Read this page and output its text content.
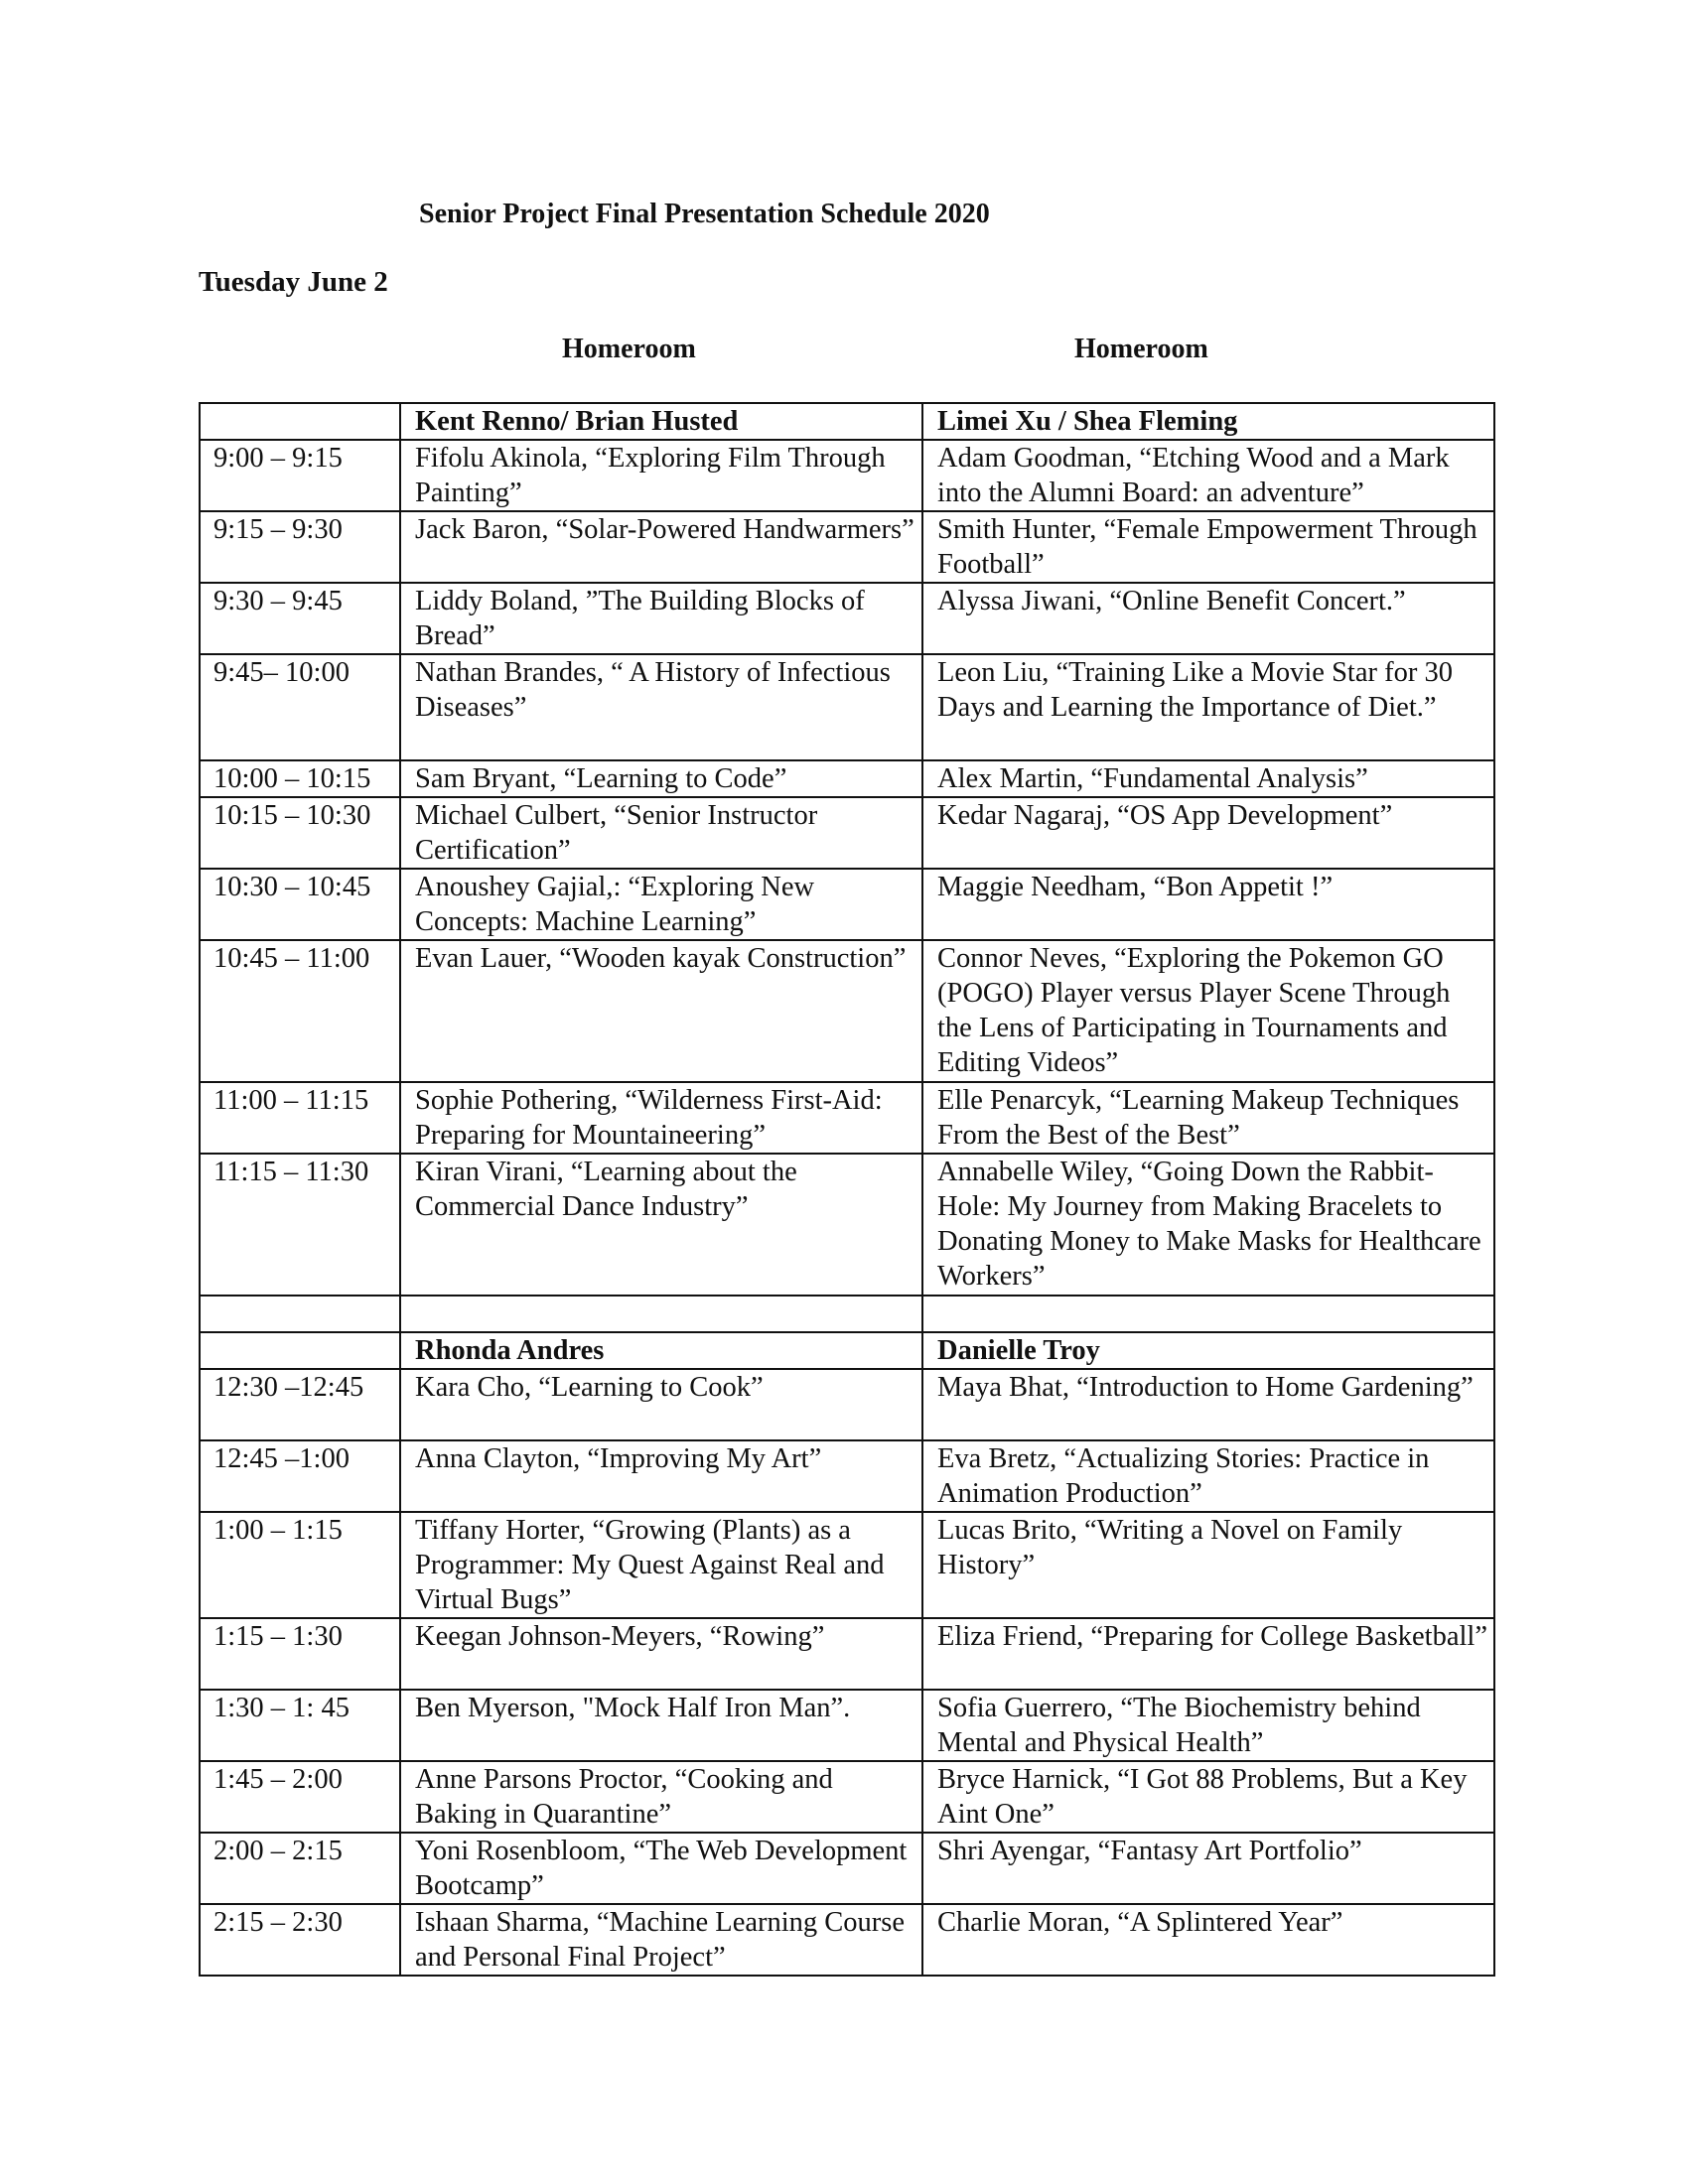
Senior Project Final Presentation Schedule 2020
Tuesday June 2
Homeroom	Homeroom
	Kent Renno/ Brian Husted	Limei Xu / Shea Fleming
9:00 – 9:15	Fifolu Akinola, “Exploring Film Through Painting”	Adam Goodman, “Etching Wood and a Mark into the Alumni Board: an adventure”
9:15 – 9:30	Jack Baron, “Solar-Powered Handwarmers”	Smith Hunter, “Female Empowerment Through Football”
9:30 – 9:45	Liddy Boland, ”The Building Blocks of Bread”	Alyssa Jiwani, “Online Benefit Concert.”
9:45– 10:00	Nathan Brandes, “ A History of Infectious Diseases”	Leon Liu, “Training Like a Movie Star for 30 Days and Learning the Importance of Diet.”
10:00 – 10:15	Sam Bryant, “Learning to Code”	Alex Martin, “Fundamental Analysis”
10:15 – 10:30	Michael Culbert, “Senior Instructor Certification”	Kedar Nagaraj, “OS App Development”
10:30 – 10:45	Anoushey Gajial,: “Exploring New Concepts: Machine Learning”	Maggie Needham, “Bon Appetit !”
10:45 – 11:00	Evan Lauer, “Wooden kayak Construction”	Connor Neves, “Exploring the Pokemon GO (POGO) Player versus Player Scene Through the Lens of Participating in Tournaments and Editing Videos”
11:00 – 11:15	Sophie Pothering, “Wilderness First-Aid: Preparing for Mountaineering”	Elle Penarcyk, “Learning Makeup Techniques From the Best of the Best”
11:15 – 11:30	Kiran Virani, “Learning about the Commercial Dance Industry”	Annabelle Wiley, “Going Down the Rabbit-Hole: My Journey from Making Bracelets to Donating Money to Make Masks for Healthcare Workers”

	Rhonda Andres	Danielle Troy
12:30 –12:45	Kara Cho, “Learning to Cook”	Maya Bhat, “Introduction to Home Gardening”
12:45 –1:00	Anna Clayton, “Improving My Art”	Eva Bretz, “Actualizing Stories: Practice in Animation Production”
1:00 – 1:15	Tiffany Horter, “Growing (Plants) as a Programmer: My Quest Against Real and Virtual Bugs”	Lucas Brito, “Writing a Novel on Family History”
1:15 – 1:30	Keegan Johnson-Meyers, “Rowing”	Eliza Friend, “Preparing for College Basketball”
1:30 – 1: 45	Ben Myerson, "Mock Half Iron Man”.	Sofia Guerrero, “The Biochemistry behind Mental and Physical Health”
1:45 – 2:00	Anne Parsons Proctor, “Cooking and Baking in Quarantine”	Bryce Harnick, “I Got 88 Problems, But a Key Aint One”
2:00 – 2:15	Yoni Rosenbloom, “The Web Development Bootcamp”	Shri Ayengar, “Fantasy Art Portfolio”
2:15 – 2:30	Ishaan Sharma, “Machine Learning Course and Personal Final Project”	Charlie Moran, “A Splintered Year”
